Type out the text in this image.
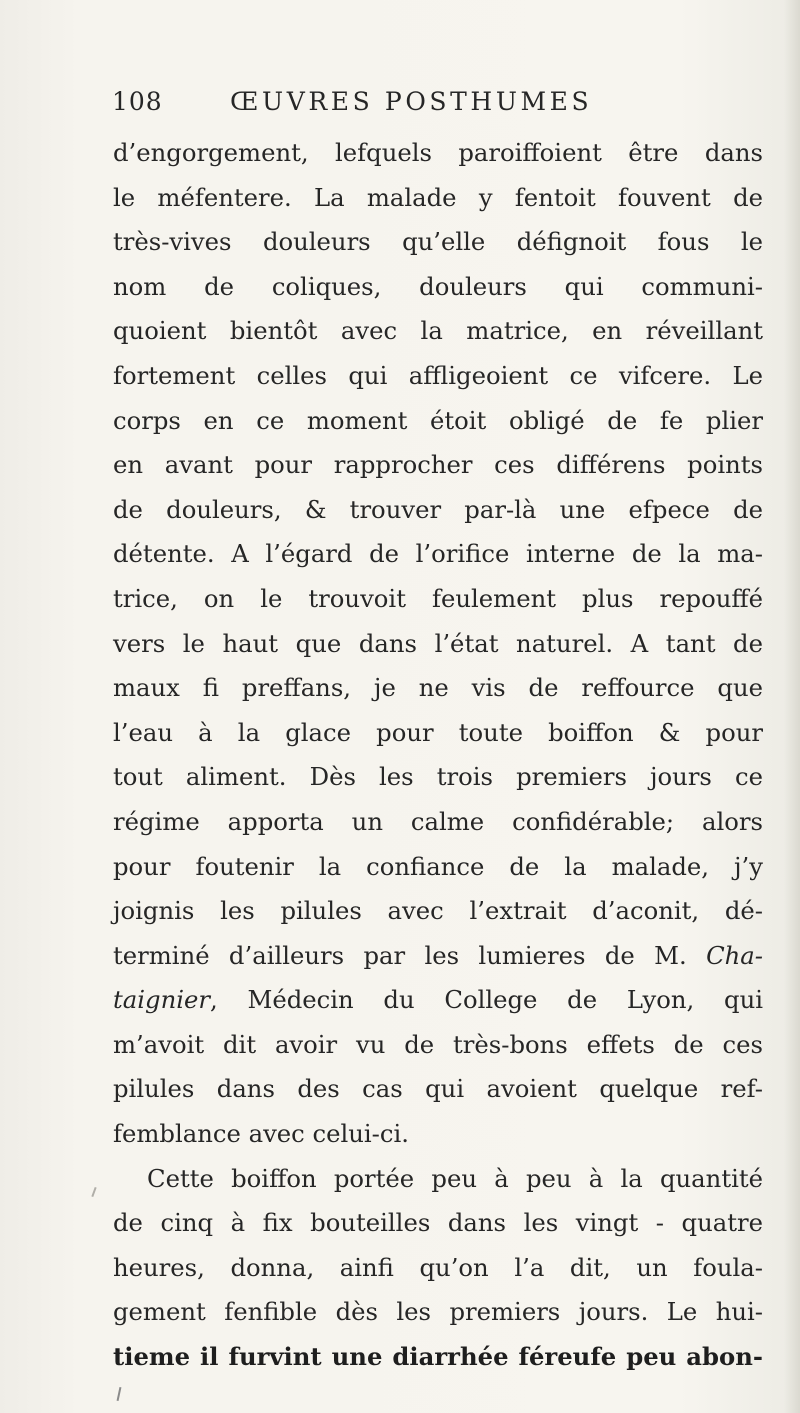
108	ŒUVRES POSTHUMES
d’engorgement, lefquels paroiffoient être dans
le méfentere. La malade y fentoit fouvent de
très-vives douleurs qu’elle défignoit fous le
nom de coliques, douleurs qui communi-
quoient bientôt avec la matrice, en réveillant
fortement celles qui affligeoient ce vifcere. Le
corps en ce moment étoit obligé de fe plier
en avant pour rapprocher ces différens points
de douleurs, & trouver par-là une efpece de
détente. A l’égard de l’orifice interne de la ma-
trice, on le trouvoit feulement plus repouffé
vers le haut que dans l’état naturel. A tant de
maux fi preffans, je ne vis de reffource que
l’eau à la glace pour toute boiffon & pour
tout aliment. Dès les trois premiers jours ce
régime apporta un calme confidérable; alors
pour foutenir la confiance de la malade, j’y
joignis les pilules avec l’extrait d’aconit, dé-
terminé d’ailleurs par les lumieres de M. Cha-
taignier, Médecin du College de Lyon, qui
m’avoit dit avoir vu de très-bons effets de ces
pilules dans des cas qui avoient quelque ref-
femblance avec celui-ci.
Cette boiffon portée peu à peu à la quantité
de cinq à fix bouteilles dans les vingt - quatre
heures, donna, ainfi qu’on l’a dit, un foula-
gement fenfible dès les premiers jours. Le hui-
tieme il furvint une diarrhée féreufe peu abon-
